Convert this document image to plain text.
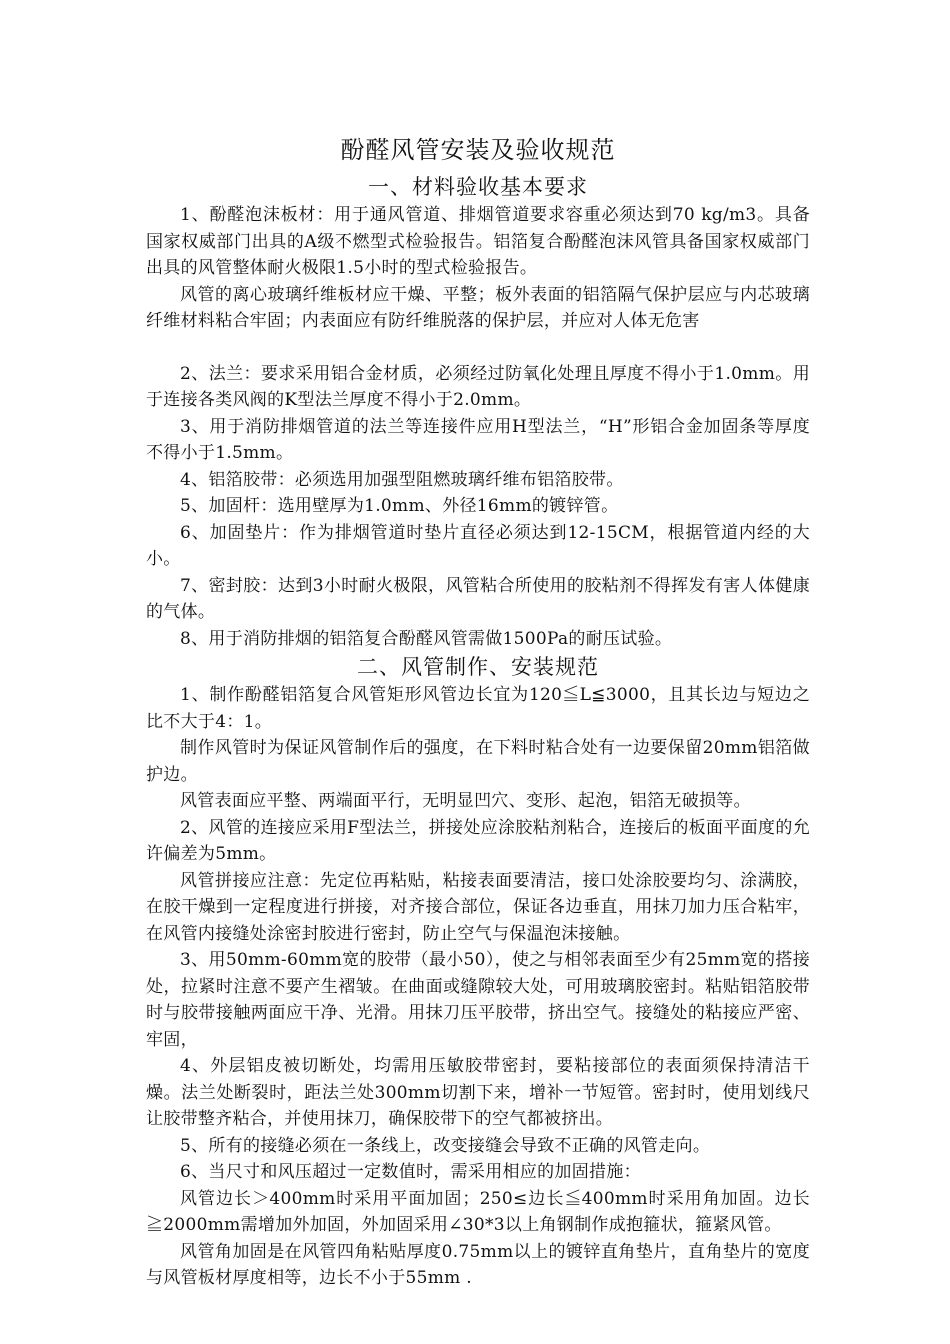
酚醛风管安装及验收规范
一、材料验收基本要求

1、酚醛泡沫板材：用于通风管道、排烟管道要求容重必须达到70 kg/m3。具备国家权威部门出具的A级不燃型式检验报告。铝箔复合酚醛泡沫风管具备国家权威部门出具的风管整体耐火极限1.5小时的型式检验报告。

风管的离心玻璃纤维板材应干燥、平整；板外表面的铝箔隔气保护层应与内芯玻璃纤维材料粘合牢固；内表面应有防纤维脱落的保护层，并应对人体无危害

2、法兰：要求采用铝合金材质，必须经过防氧化处理且厚度不得小于1.0mm。用于连接各类风阀的K型法兰厚度不得小于2.0mm。

3、用于消防排烟管道的法兰等连接件应用H型法兰，“H”形铝合金加固条等厚度不得小于1.5mm。

4、铝箔胶带：必须选用加强型阻燃玻璃纤维布铝箔胶带。

5、加固杆：选用壁厚为1.0mm、外径16mm的镀锌管。

6、加固垫片：作为排烟管道时垫片直径必须达到12-15CM，根据管道内经的大小。

7、密封胶：达到3小时耐火极限，风管粘合所使用的胶粘剂不得挥发有害人体健康的气体。

8、用于消防排烟的铝箔复合酚醛风管需做1500Pa的耐压试验。

二、风管制作、安装规范

1、制作酚醛铝箔复合风管矩形风管边长宜为120≦L≦3000，且其长边与短边之比不大于4：1。

制作风管时为保证风管制作后的强度，在下料时粘合处有一边要保留20mm铝箔做护边。

风管表面应平整、两端面平行，无明显凹穴、变形、起泡，铝箔无破损等。

2、风管的连接应采用F型法兰，拼接处应涂胶粘剂粘合，连接后的板面平面度的允许偏差为5mm。

风管拼接应注意：先定位再粘贴，粘接表面要清洁，接口处涂胶要均匀、涂满胶，在胶干燥到一定程度进行拼接，对齐接合部位，保证各边垂直，用抹刀加力压合粘牢，在风管内接缝处涂密封胶进行密封，防止空气与保温泡沫接触。

3、用50mm-60mm宽的胶带（最小50），使之与相邻表面至少有25mm宽的搭接处，拉紧时注意不要产生褶皱。在曲面或缝隙较大处，可用玻璃胶密封。粘贴铝箔胶带时与胶带接触两面应干净、光滑。用抹刀压平胶带，挤出空气。接缝处的粘接应严密、牢固，

4、外层铝皮被切断处，均需用压敏胶带密封，要粘接部位的表面须保持清洁干燥。法兰处断裂时，距法兰处300mm切割下来，增补一节短管。密封时，使用划线尺让胶带整齐粘合，并使用抹刀，确保胶带下的空气都被挤出。

5、所有的接缝必须在一条线上，改变接缝会导致不正确的风管走向。

6、当尺寸和风压超过一定数值时，需采用相应的加固措施：

风管边长＞400mm时采用平面加固；250≤边长≦400mm时采用角加固。边长≧2000mm需增加外加固，外加固采用∠30*3以上角钢制作成抱箍状，箍紧风管。

风管角加固是在风管四角粘贴厚度0.75mm以上的镀锌直角垫片，直角垫片的宽度与风管板材厚度相等，边长不小于55mm .
